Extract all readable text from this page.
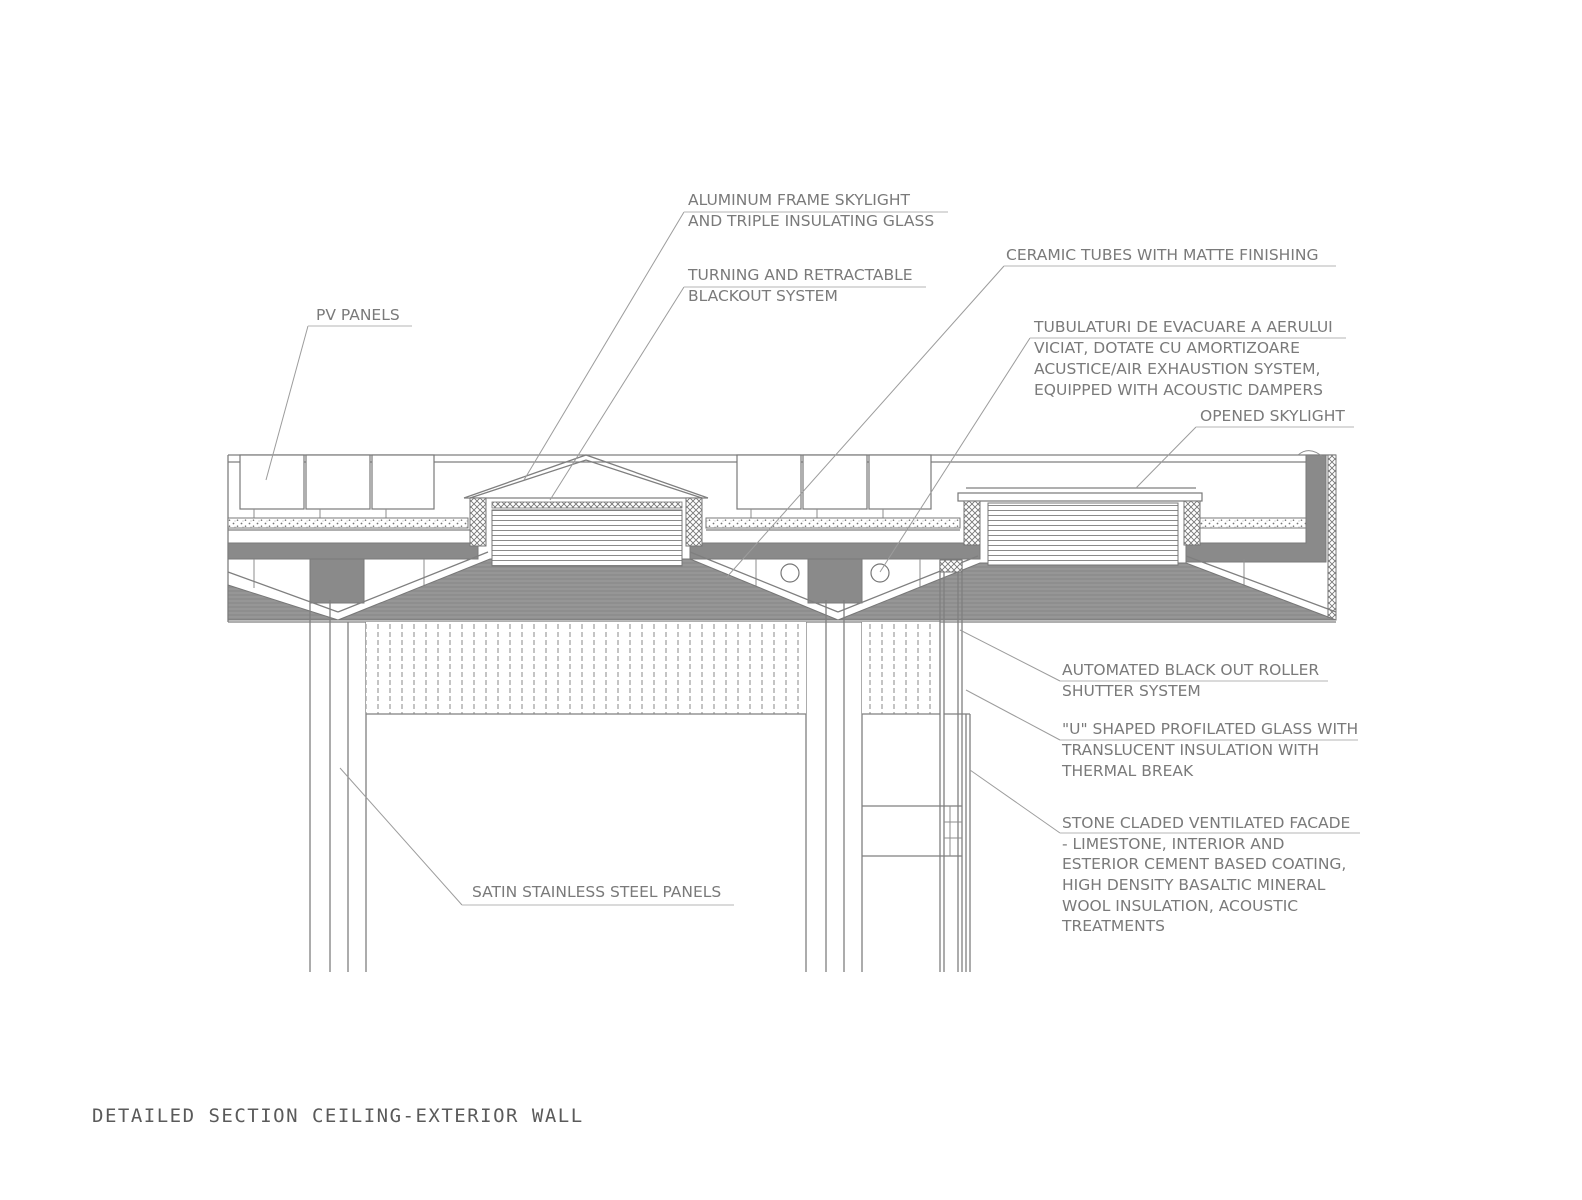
ALUMINUM FRAME SKYLIGHT AND TRIPLE INSULATING GLASS
TURNING AND RETRACTABLE BLACKOUT SYSTEM
PV PANELS
CERAMIC TUBES WITH MATTE FINISHING
TUBULATURI DE EVACUARE A AERULUI VICIAT, DOTATE CU AMORTIZOARE ACUSTICE/AIR EXHAUSTION SYSTEM, EQUIPPED WITH ACOUSTIC DAMPERS
OPENED SKYLIGHT
AUTOMATED BLACK OUT ROLLER SHUTTER SYSTEM
"U" SHAPED PROFILATED GLASS WITH TRANSLUCENT INSULATION WITH THERMAL BREAK
STONE CLADED VENTILATED FACADE - LIMESTONE, INTERIOR AND ESTERIOR CEMENT BASED COATING, HIGH DENSITY BASALTIC MINERAL WOOL INSULATION, ACOUSTIC TREATMENTS
SATIN STAINLESS STEEL PANELS
DETAILED SECTION CEILING-EXTERIOR WALL
